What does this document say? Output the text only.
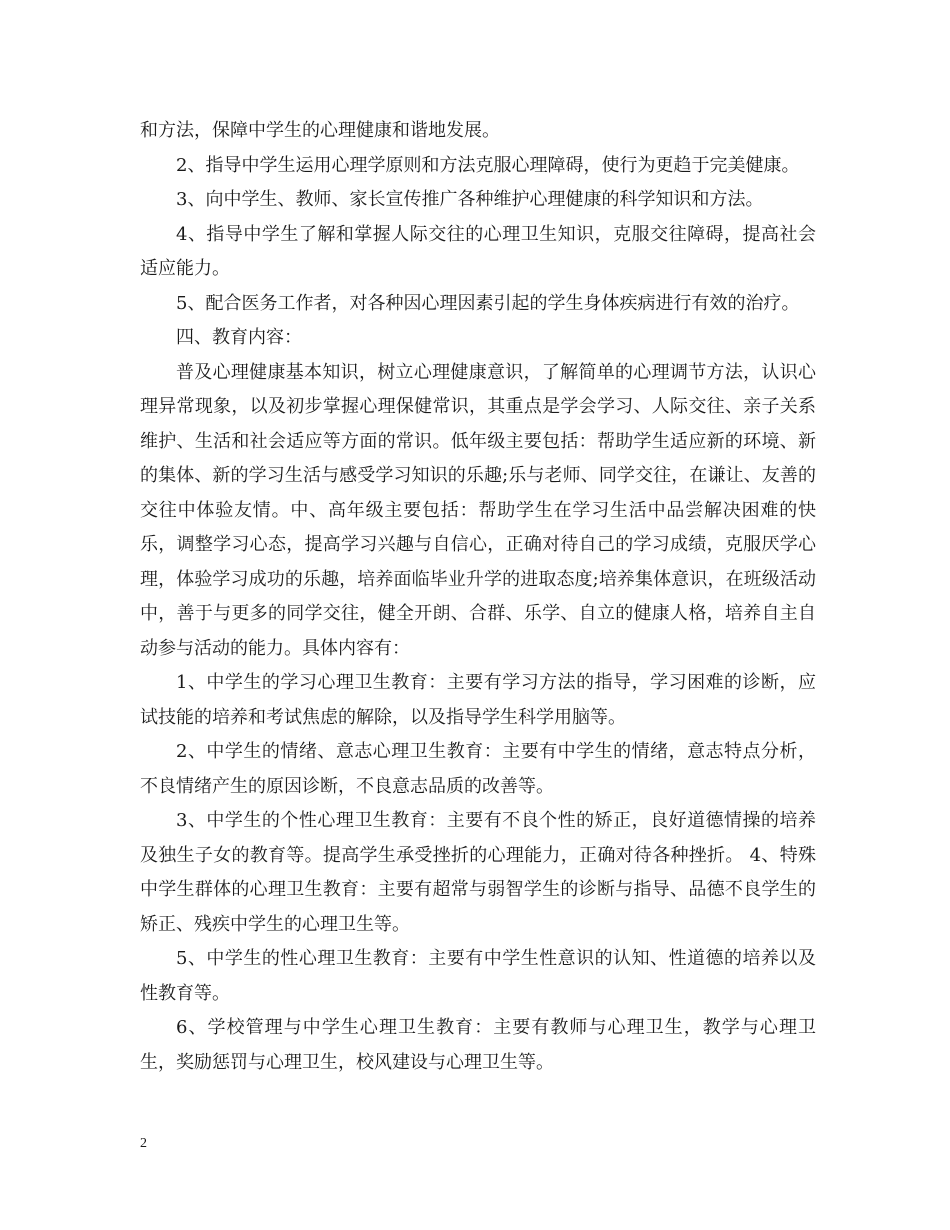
和方法，保障中学生的心理健康和谐地发展。

2、指导中学生运用心理学原则和方法克服心理障碍，使行为更趋于完美健康。

3、向中学生、教师、家长宣传推广各种维护心理健康的科学知识和方法。

4、指导中学生了解和掌握人际交往的心理卫生知识，克服交往障碍，提高社会适应能力。

5、配合医务工作者，对各种因心理因素引起的学生身体疾病进行有效的治疗。

四、教育内容：

普及心理健康基本知识，树立心理健康意识，了解简单的心理调节方法，认识心理异常现象，以及初步掌握心理保健常识，其重点是学会学习、人际交往、亲子关系维护、生活和社会适应等方面的常识。低年级主要包括：帮助学生适应新的环境、新的集体、新的学习生活与感受学习知识的乐趣;乐与老师、同学交往，在谦让、友善的交往中体验友情。中、高年级主要包括：帮助学生在学习生活中品尝解决困难的快乐，调整学习心态，提高学习兴趣与自信心，正确对待自己的学习成绩，克服厌学心理，体验学习成功的乐趣，培养面临毕业升学的进取态度;培养集体意识，在班级活动中，善于与更多的同学交往，健全开朗、合群、乐学、自立的健康人格，培养自主自动参与活动的能力。具体内容有：

1、中学生的学习心理卫生教育：主要有学习方法的指导，学习困难的诊断，应试技能的培养和考试焦虑的解除，以及指导学生科学用脑等。

2、中学生的情绪、意志心理卫生教育：主要有中学生的情绪，意志特点分析，不良情绪产生的原因诊断，不良意志品质的改善等。

3、中学生的个性心理卫生教育：主要有不良个性的矫正，良好道德情操的培养及独生子女的教育等。提高学生承受挫折的心理能力，正确对待各种挫折。 4、特殊中学生群体的心理卫生教育：主要有超常与弱智学生的诊断与指导、品德不良学生的矫正、残疾中学生的心理卫生等。

5、中学生的性心理卫生教育：主要有中学生性意识的认知、性道德的培养以及性教育等。

6、学校管理与中学生心理卫生教育：主要有教师与心理卫生，教学与心理卫生，奖励惩罚与心理卫生，校风建设与心理卫生等。

2
